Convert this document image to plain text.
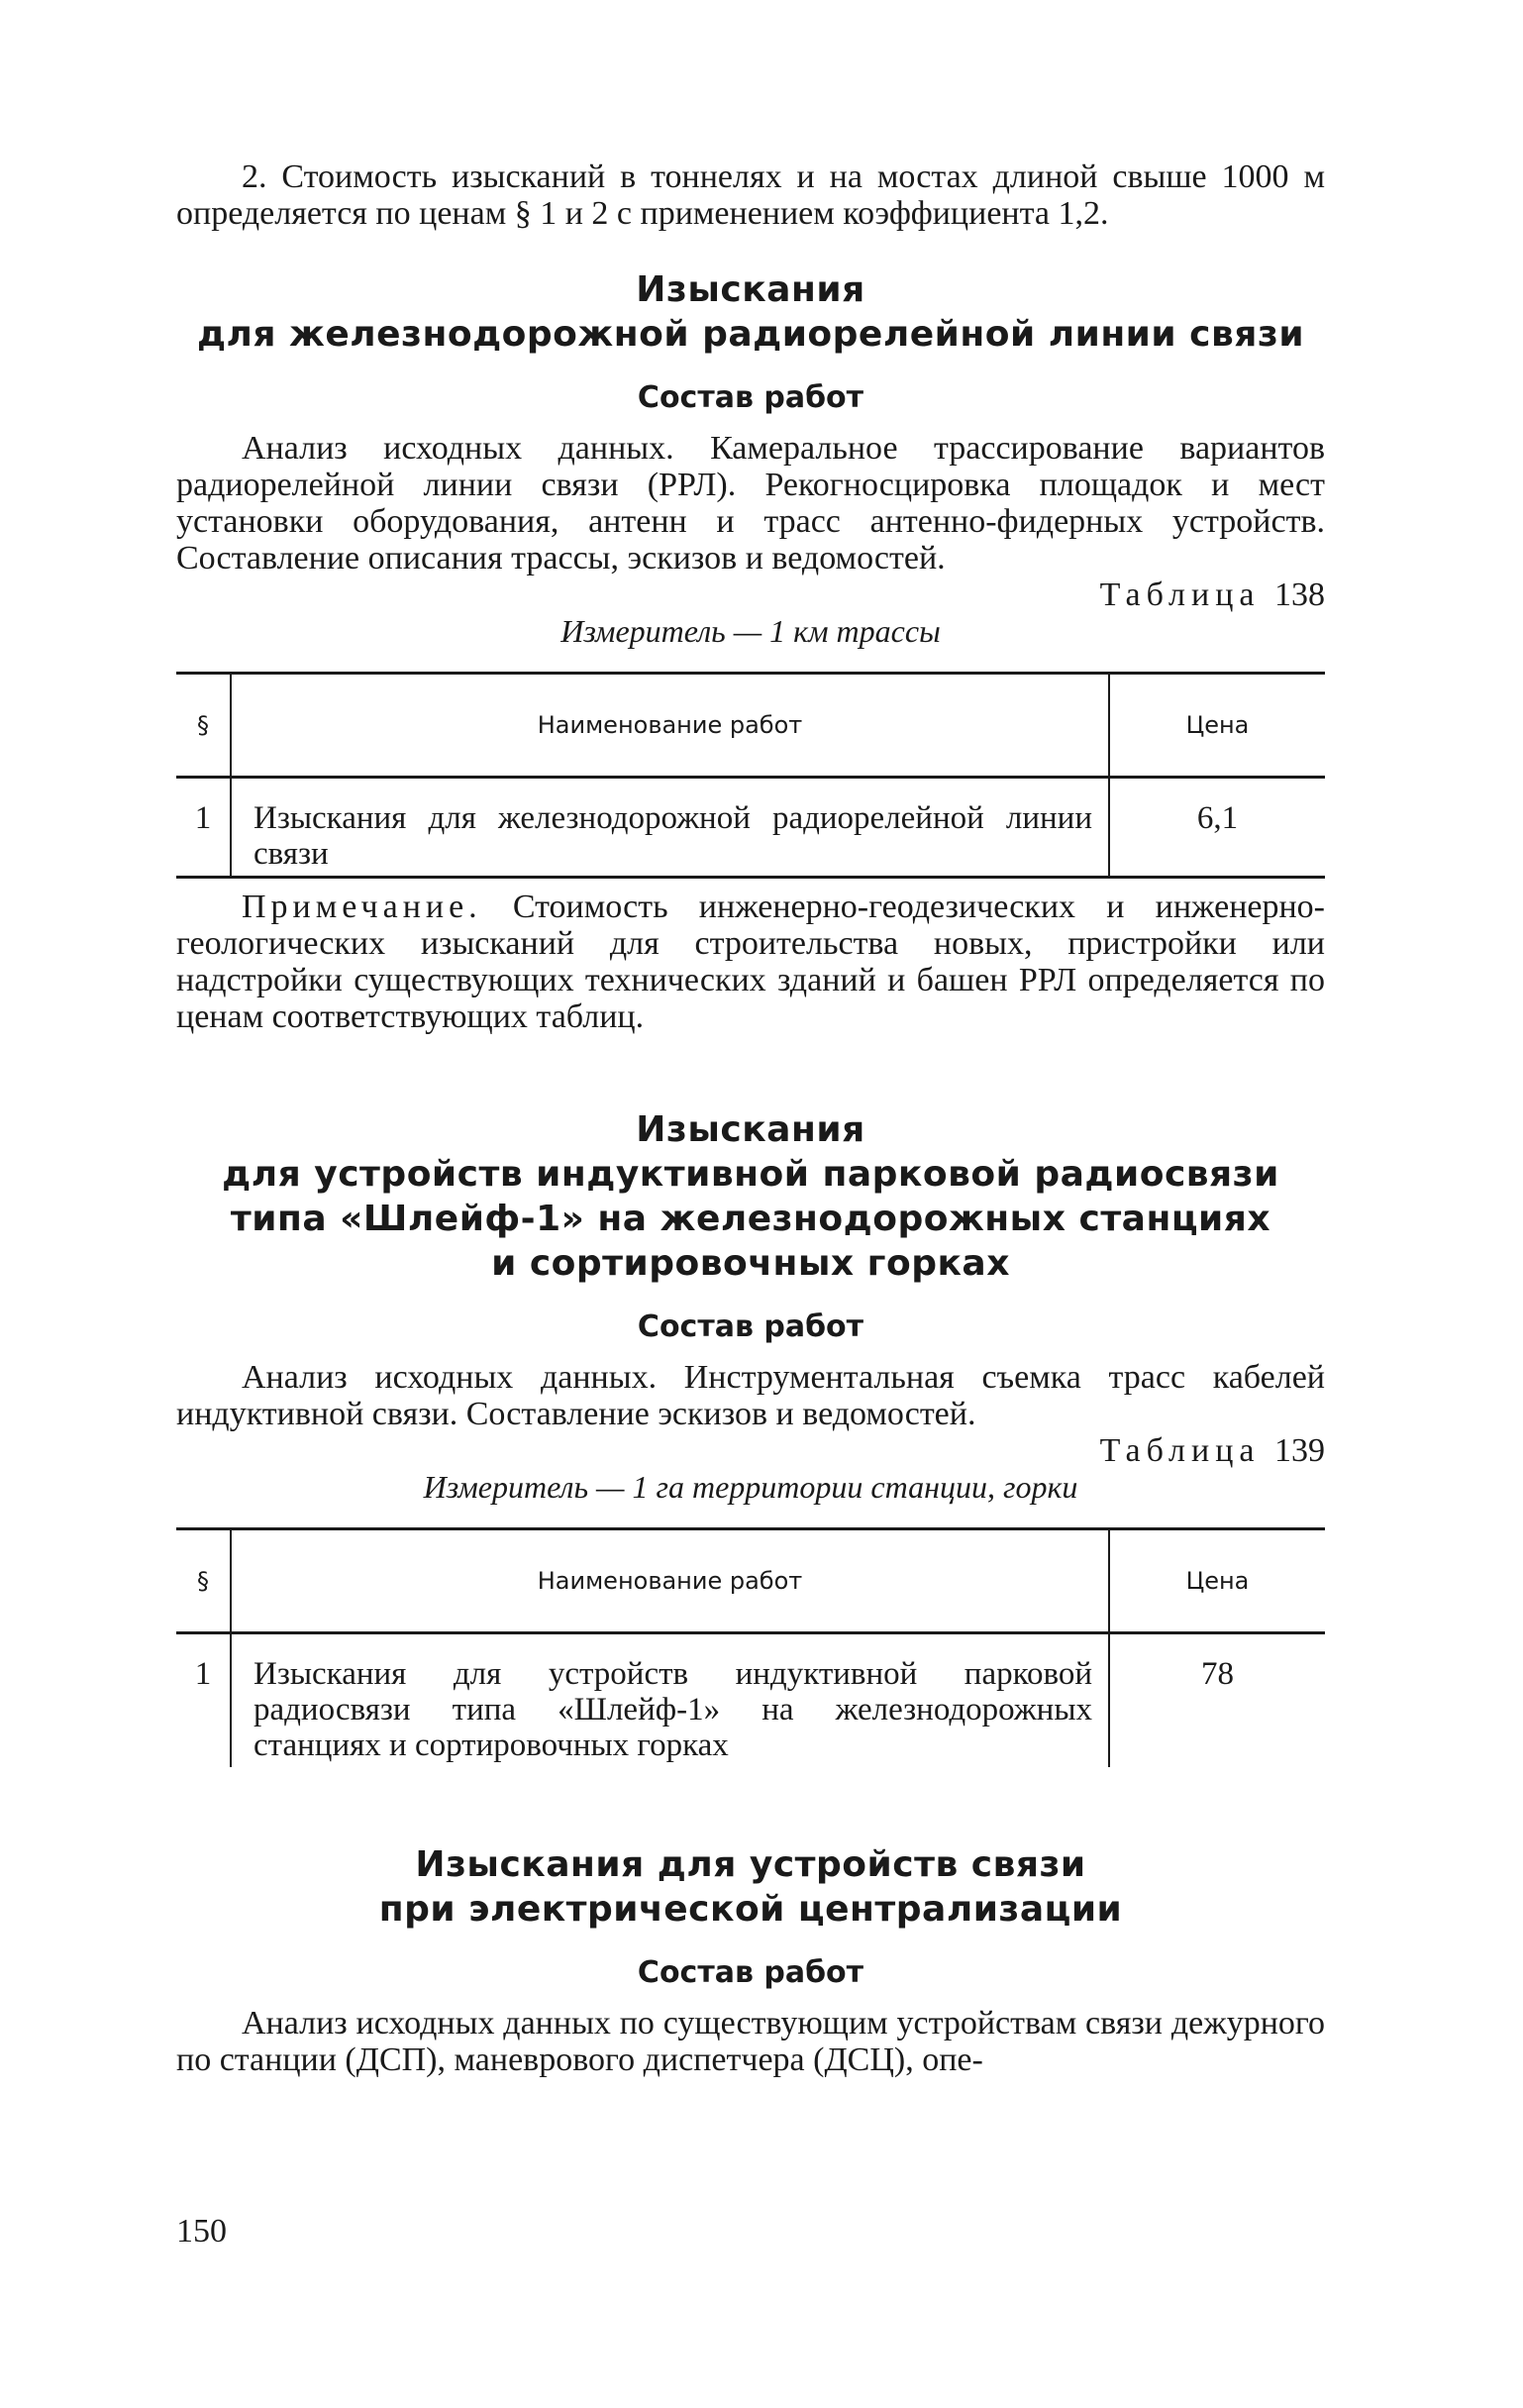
2. Стоимость изысканий в тоннелях и на мостах длиной свыше 1000 м определяется по ценам § 1 и 2 с применением коэффициента 1,2.

Изыскания
для железнодорожной радиорелейной линии связи
Состав работ

Анализ исходных данных. Камеральное трассирование вариантов радиорелейной линии связи (РРЛ). Рекогносцировка площадок и мест установки оборудования, антенн и трасс антенно-фидерных устройств. Составление описания трассы, эскизов и ведомостей.

Таблица 138
Измеритель — 1 км трассы
§	Наименование работ	Цена
1	Изыскания для железнодорожной радиорелейной линии связи	6,1

Примечание. Стоимость инженерно-геодезических и инженерно-геологических изысканий для строительства новых, пристройки или надстройки существующих технических зданий и башен РРЛ определяется по ценам соответствующих таблиц.

Изыскания
для устройств индуктивной парковой радиосвязи
типа «Шлейф-1» на железнодорожных станциях
и сортировочных горках
Состав работ

Анализ исходных данных. Инструментальная съемка трасс кабелей индуктивной связи. Составление эскизов и ведомостей.

Таблица 139
Измеритель — 1 га территории станции, горки
§	Наименование работ	Цена
1	Изыскания для устройств индуктивной парковой радиосвязи типа «Шлейф-1» на железнодорожных станциях и сортировочных горках	78
Изыскания для устройств связи
при электрической централизации
Состав работ

Анализ исходных данных по существующим устройствам связи дежурного по станции (ДСП), маневрового диспетчера (ДСЦ), опе-

150
